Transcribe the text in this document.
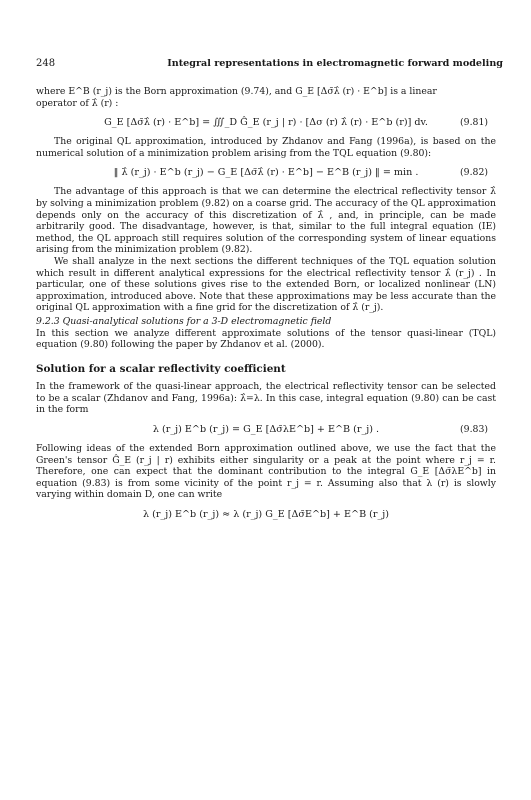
248	Integral representations in electromagnetic forward modeling

where E^B (r_j) is the Born approximation (9.74), and G_E [Δσ̃λ̂ (r) · E^b] is a linear

operator of λ̂ (r) :

G_E [Δσ̃λ̂ (r) · E^b] = ∭_D Ĝ_E (r_j | r) · [Δσ (r) λ̂ (r) · E^b (r)] dv.	(9.81)

The original QL approximation, introduced by Zhdanov and Fang (1996a), is based on the numerical solution of a minimization problem arising from the TQL equation (9.80):

‖ λ̂ (r_j) · E^b (r_j) − G_E [Δσ̃λ̂ (r) · E^b] − E^B (r_j) ‖ = min .	(9.82)

The advantage of this approach is that we can determine the electrical reflectivity tensor λ̂ by solving a minimization problem (9.82) on a coarse grid. The accuracy of the QL approximation depends only on the accuracy of this discretization of λ̂ , and, in principle, can be made arbitrarily good. The disadvantage, however, is that, similar to the full integral equation (IE) method, the QL approach still requires solution of the corresponding system of linear equations arising from the minimization problem (9.82).

We shall analyze in the next sections the different techniques of the TQL equation solution which result in different analytical expressions for the electrical reflectivity tensor λ̂ (r_j) . In particular, one of these solutions gives rise to the extended Born, or localized nonlinear (LN) approximation, introduced above. Note that these approximations may be less accurate than the original QL approximation with a fine grid for the discretization of λ̂ (r_j).

9.2.3 Quasi-analytical solutions for a 3-D electromagnetic field

In this section we analyze different approximate solutions of the tensor quasi-linear (TQL) equation (9.80) following the paper by Zhdanov et al. (2000).

Solution for a scalar reflectivity coefficient

In the framework of the quasi-linear approach, the electrical reflectivity tensor can be selected to be a scalar (Zhdanov and Fang, 1996a): λ̂=λ. In this case, integral equation (9.80) can be cast in the form

λ (r_j) E^b (r_j) = G_E [Δσ̃λE^b] + E^B (r_j) .	(9.83)

Following ideas of the extended Born approximation outlined above, we use the fact that the Green's tensor Ĝ_E (r_j | r) exhibits either singularity or a peak at the point where r_j = r. Therefore, one can expect that the dominant contribution to the integral G_E [Δσ̃λE^b] in equation (9.83) is from some vicinity of the point r_j = r. Assuming also that λ (r) is slowly varying within domain D, one can write

λ (r_j) E^b (r_j) ≈ λ (r_j) G_E [Δσ̃E^b] + E^B (r_j)
